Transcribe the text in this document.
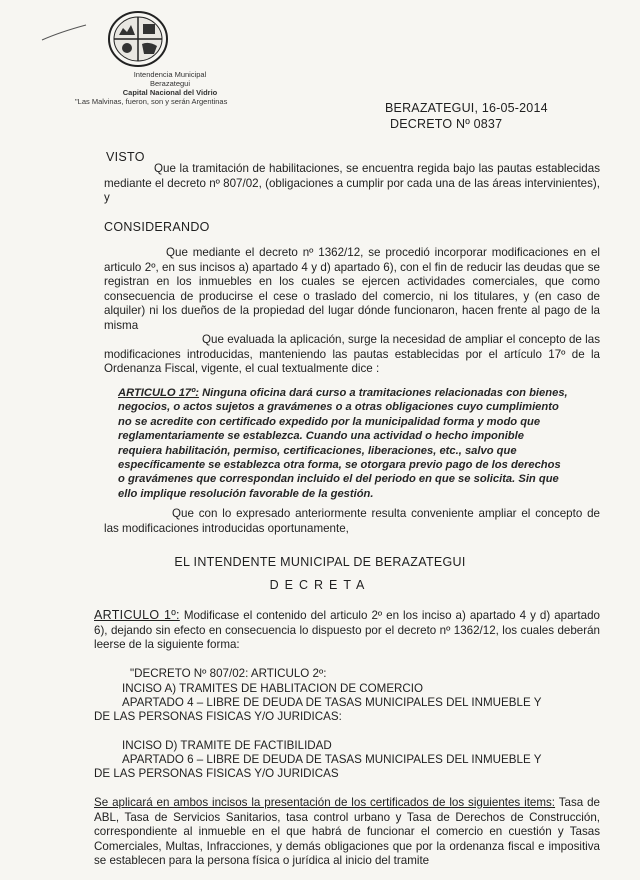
Intendencia Municipal
Berazategui
Capital Nacional del Vidrio
"Las Malvinas, fueron, son y serán Argentinas	BERAZATEGUI, 16-05-2014
DECRETO Nº 0837
VISTO
Que la tramitación de habilitaciones, se encuentra regida bajo las pautas establecidas mediante el decreto nº 807/02, (obligaciones a cumplir por cada una de las áreas intervinientes), y
CONSIDERANDO
Que mediante el decreto nº 1362/12, se procedió incorporar modificaciones en el articulo 2º, en sus incisos a) apartado 4 y d) apartado 6), con el fin de reducir las deudas que se registran en los inmuebles en los cuales se ejercen actividades comerciales, que como consecuencia de producirse el cese o traslado del comercio, ni los titulares, y (en caso de alquiler) ni los dueños de la propiedad del lugar dónde funcionaron, hacen frente al pago de la misma
Que evaluada la aplicación, surge la necesidad de ampliar el concepto de las modificaciones introducidas, manteniendo las pautas establecidas por el artículo 17º de la Ordenanza Fiscal, vigente, el cual textualmente dice :
ARTICULO 17º: Ninguna oficina dará curso a tramitaciones relacionadas con bienes, negocios, o actos sujetos a gravámenes o a otras obligaciones cuyo cumplimiento no se acredite con certificado expedido por la municipalidad forma y modo que reglamentariamente se establezca. Cuando una actividad o hecho imponible requiera habilitación, permiso, certificaciones, liberaciones, etc., salvo que específicamente se establezca otra forma, se otorgara previo pago de los derechos o gravámenes que correspondan incluido el del periodo en que se solicita. Sin que ello implique resolución favorable de la gestión.
Que con lo expresado anteriormente resulta conveniente ampliar el concepto de las modificaciones introducidas oportunamente,
EL INTENDENTE MUNICIPAL DE BERAZATEGUI
DECRETA
ARTICULO 1º: Modificase el contenido del articulo 2º en los inciso a) apartado 4 y d) apartado 6), dejando sin efecto en consecuencia lo dispuesto por el decreto nº 1362/12, los cuales deberán leerse de la siguiente forma:
"DECRETO Nº 807/02: ARTICULO 2º:
INCISO A) TRAMITES DE HABLITACION DE COMERCIO
APARTADO 4 – LIBRE DE DEUDA DE TASAS MUNICIPALES DEL INMUEBLE Y
DE LAS PERSONAS FISICAS Y/O JURIDICAS:
INCISO D) TRAMITE DE FACTIBILIDAD
APARTADO 6 – LIBRE DE DEUDA DE TASAS MUNICIPALES DEL INMUEBLE Y
DE LAS PERSONAS FISICAS Y/O JURIDICAS
Se aplicará en ambos incisos la presentación de los certificados de los siguientes items: Tasa de ABL, Tasa de Servicios Sanitarios, tasa control urbano y Tasa de Derechos de Construcción, correspondiente al inmueble en el que habrá de funcionar el comercio en cuestión y Tasas Comerciales, Multas, Infracciones, y demás obligaciones que por la ordenanza fiscal e impositiva se establecen para la persona física o jurídica al inicio del tramite
